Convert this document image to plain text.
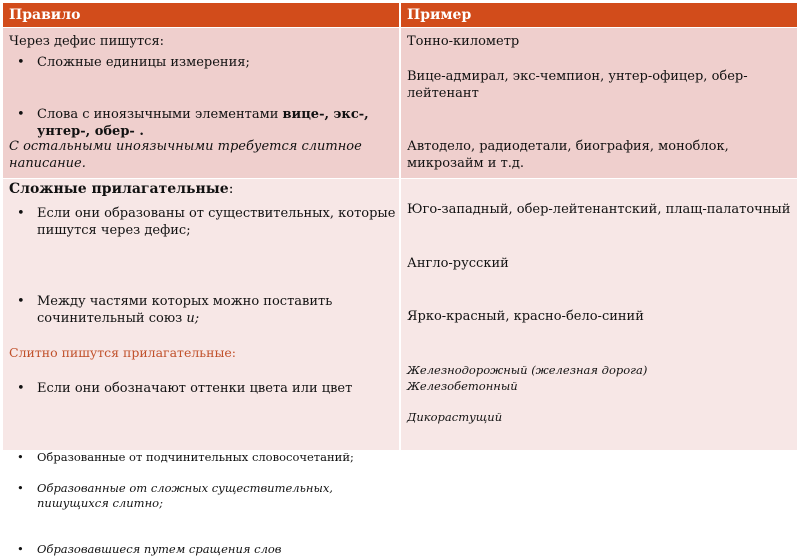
Правило	Пример
Через дефис пишутся:
• Сложные единицы измерения;
• Слова с иноязычными элементами вице-, экс-, унтер-, обер- .
С остальными иноязычными требуется слитное написание.
Тонно-километр
Вице-адмирал, экс-чемпион, унтер-офицер, обер-лейтенант
Автодело, радиодетали, биография, моноблок, микрозайм и т.д.
Сложные прилагательные:
• Если они образованы от существительных, которые пишутся через дефис;
• Между частями которых можно поставить сочинительный союз и;
• Если они обозначают оттенки цвета или цвет
Слитно пишутся прилагательные:
• Образованные от подчинительных словосочетаний;
• Образованные от сложных существительных, пишущихся слитно;
• Образовавшиеся путем сращения слов
Юго-западный, обер-лейтенантский, плащ-палаточный
Англо-русский
Ярко-красный, красно-бело-синий
Железнодорожный (железная дорога)
Железобетонный
Дикорастущий
